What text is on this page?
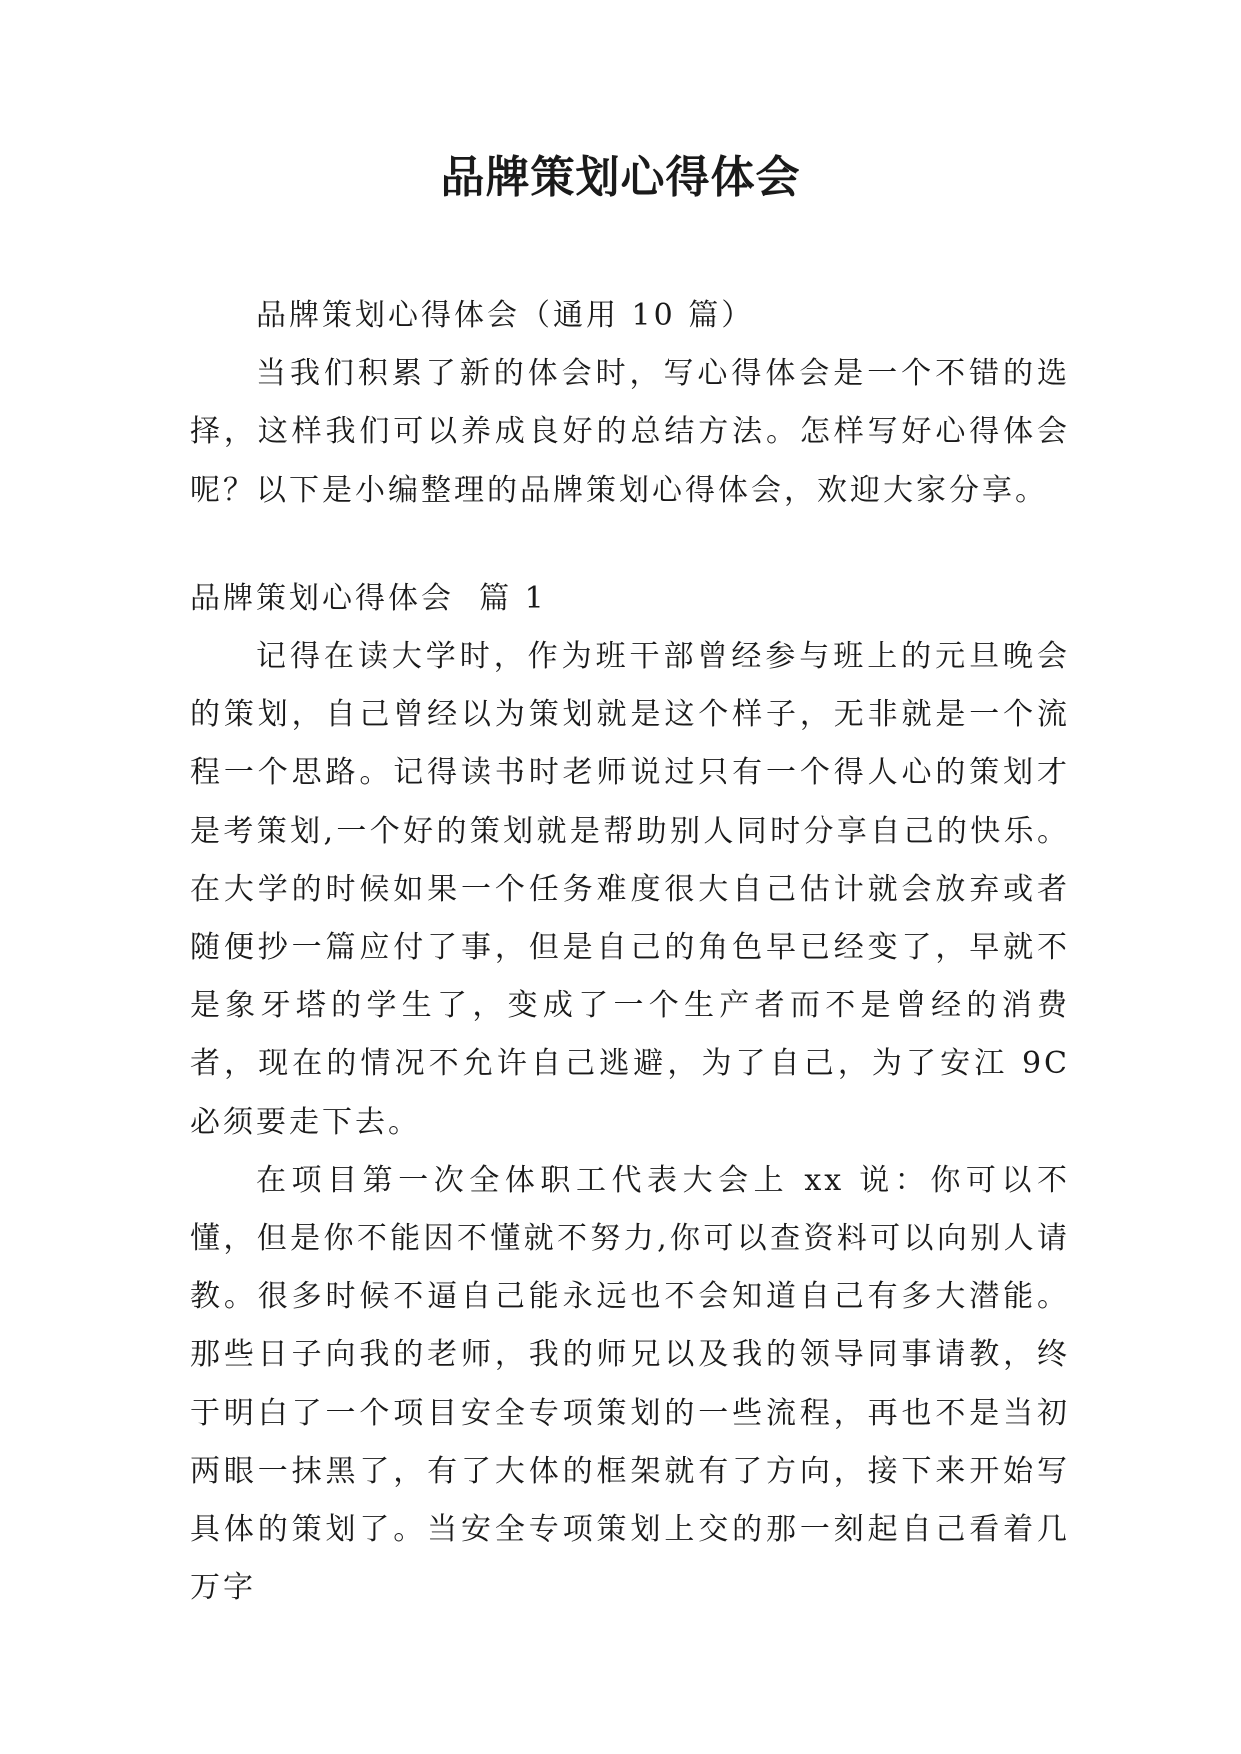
品牌策划心得体会

品牌策划心得体会（通用 10 篇）

当我们积累了新的体会时，写心得体会是一个不错的选择，这样我们可以养成良好的总结方法。怎样写好心得体会呢？以下是小编整理的品牌策划心得体会，欢迎大家分享。

品牌策划心得体会  篇 1

记得在读大学时，作为班干部曾经参与班上的元旦晚会的策划，自己曾经以为策划就是这个样子，无非就是一个流程一个思路。记得读书时老师说过只有一个得人心的策划才是考策划,一个好的策划就是帮助别人同时分享自己的快乐。在大学的时候如果一个任务难度很大自己估计就会放弃或者随便抄一篇应付了事，但是自己的角色早已经变了，早就不是象牙塔的学生了，变成了一个生产者而不是曾经的消费者，现在的情况不允许自己逃避，为了自己，为了安江 9C 必须要走下去。

在项目第一次全体职工代表大会上 xx 说：你可以不懂，但是你不能因不懂就不努力,你可以查资料可以向别人请教。很多时候不逼自己能永远也不会知道自己有多大潜能。那些日子向我的老师，我的师兄以及我的领导同事请教，终于明白了一个项目安全专项策划的一些流程，再也不是当初两眼一抹黑了，有了大体的框架就有了方向，接下来开始写具体的策划了。当安全专项策划上交的那一刻起自己看着几万字
